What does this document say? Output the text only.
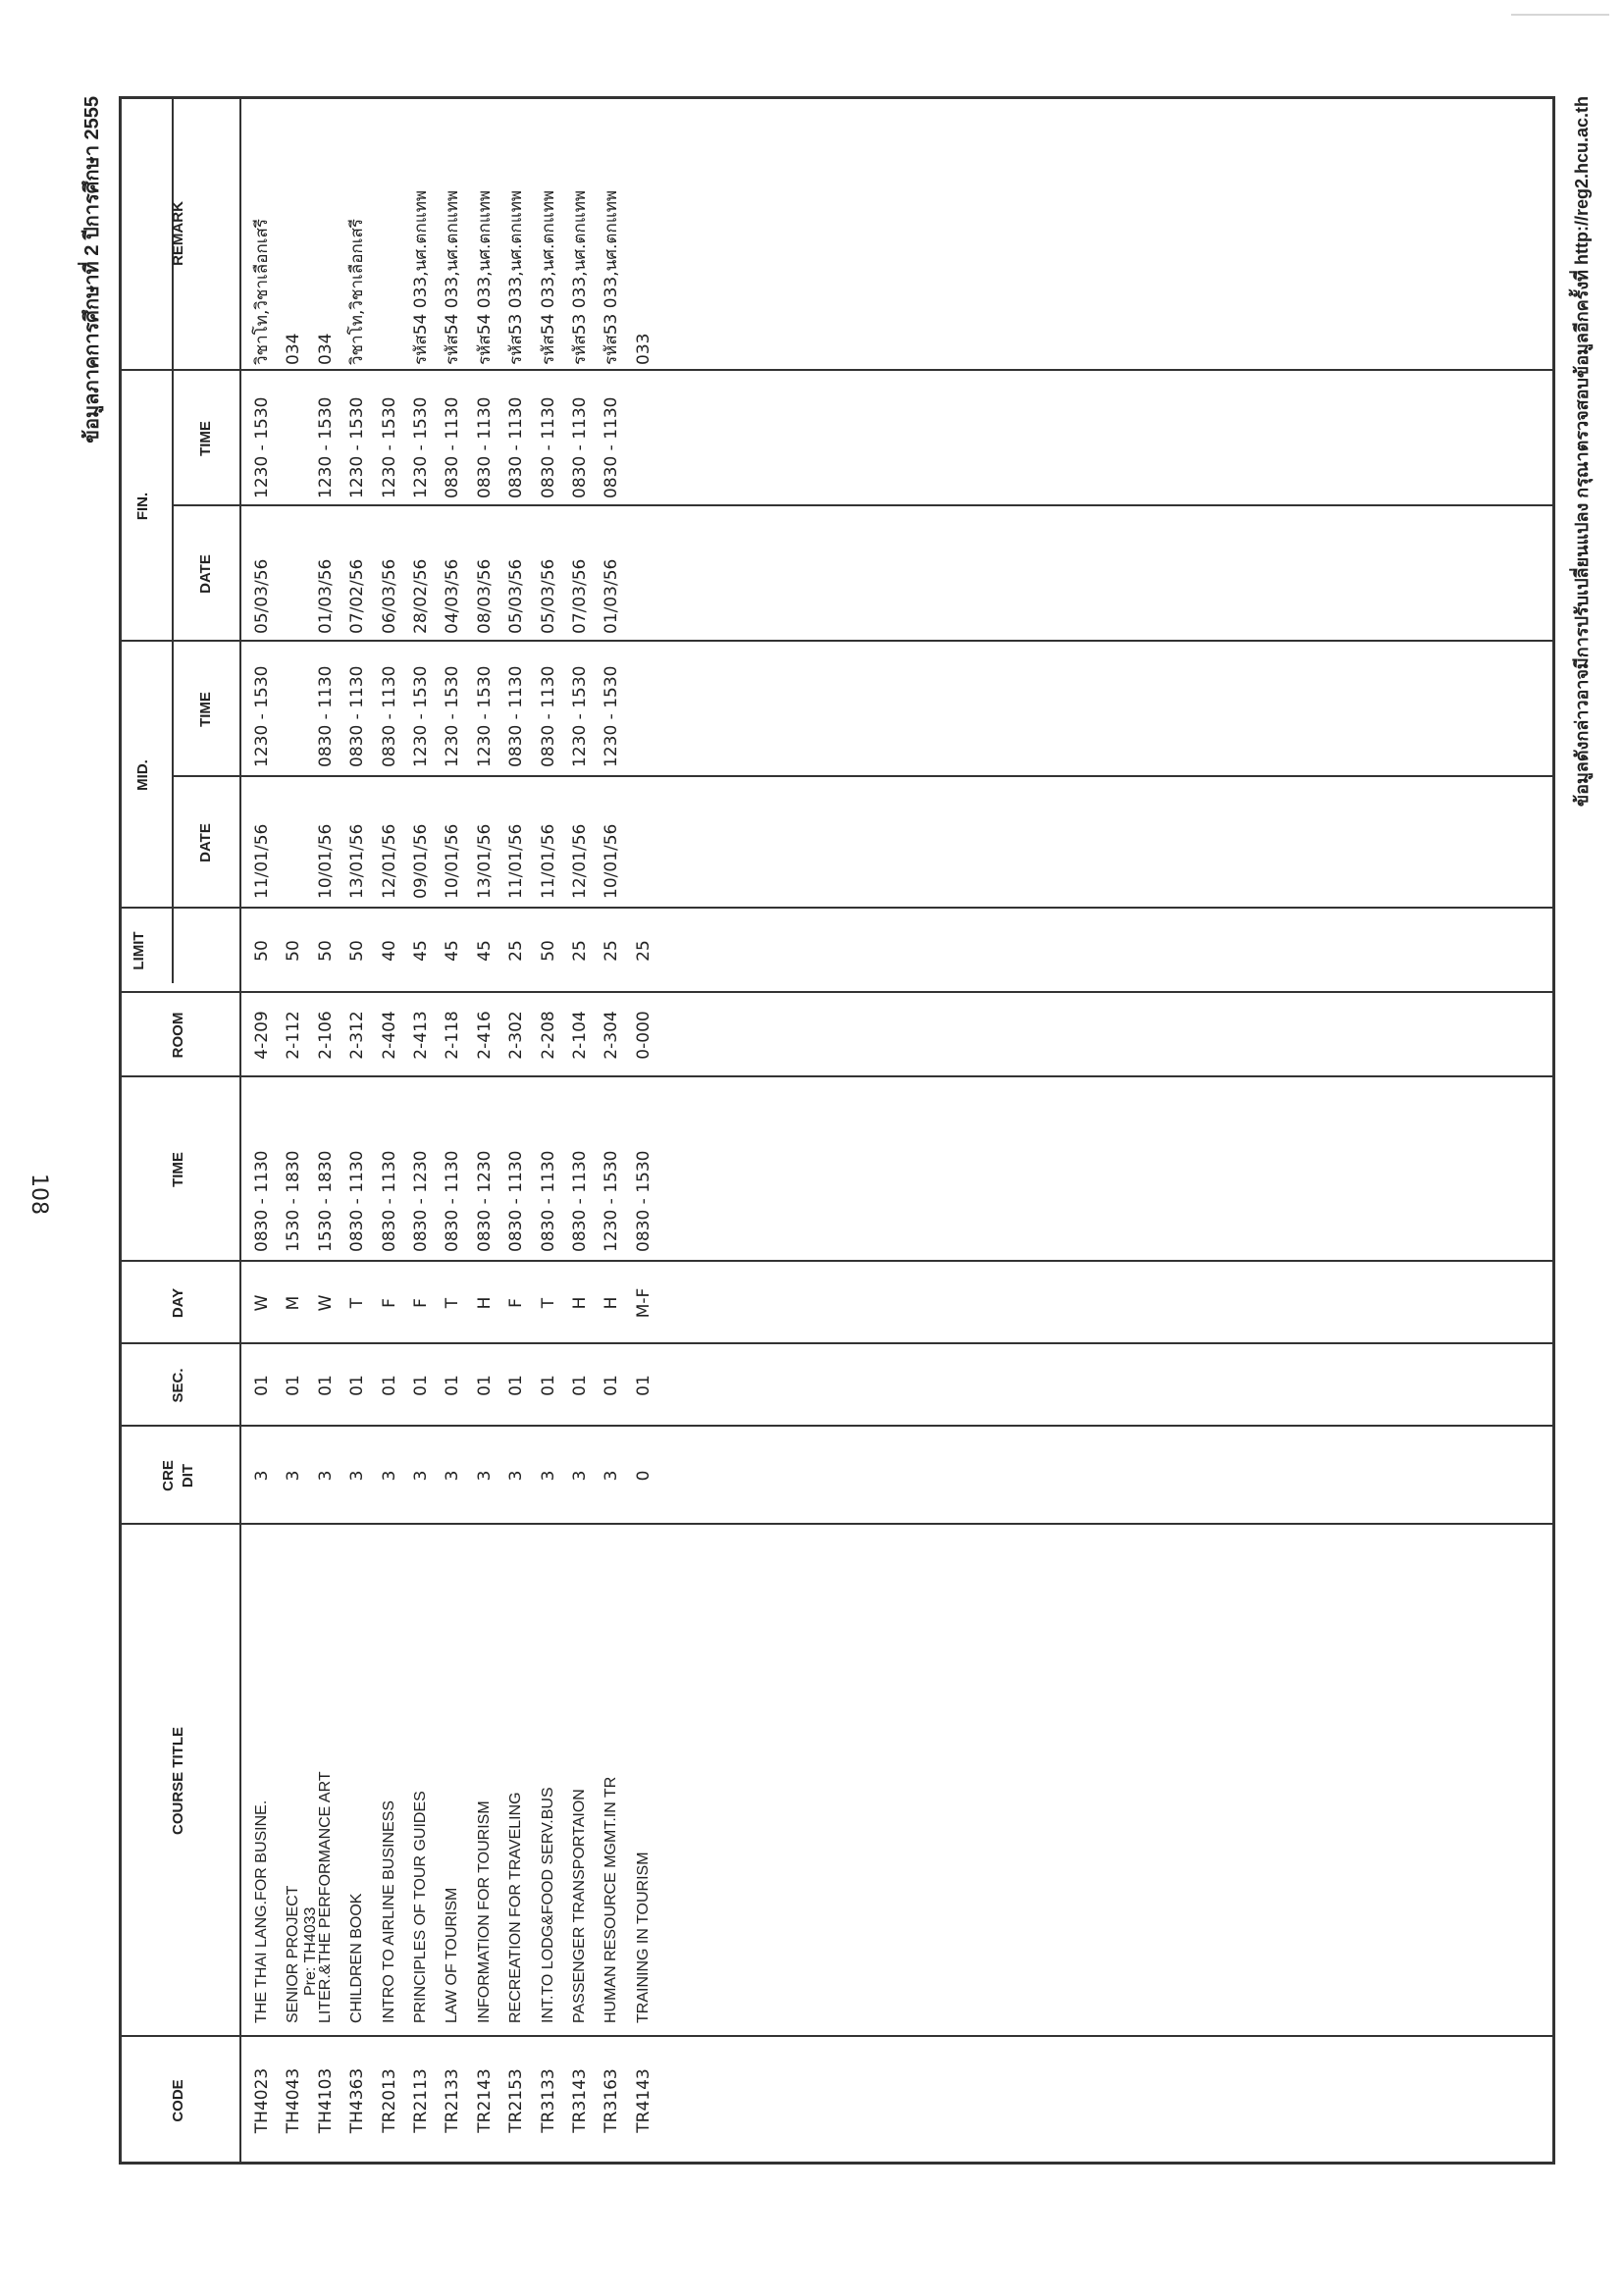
108
ข้อมูลภาคการศึกษาที่ 2 ปีการศึกษา 2555	ข้อมูลดังกล่าวอาจมีการปรับเปลี่ยนแปลง กรุณาตรวจสอบข้อมูลอีกครั้งที่ http://reg2.hcu.ac.th
CODE
COURSE TITLE
CRE DIT
SEC.
DAY
TIME
ROOM
LIMIT
MID.
FIN.
DATE
TIME
DATE
TIME
REMARK
TH4023
THE THAI LANG.FOR BUSINE.
3
01
W
0830 - 1130
4-209
50
11/01/56
1230 - 1530
05/03/56
1230 - 1530
วิชาโท,วิชาเลือกเสรี
TH4043
SENIOR PROJECT
3
01
M
1530 - 1830
2-112
50
034
Pre: TH4033
TH4103
LITER.&THE PERFORMANCE ART
3
01
W
1530 - 1830
2-106
50
10/01/56
0830 - 1130
01/03/56
1230 - 1530
034
TH4363
CHILDREN BOOK
3
01
T
0830 - 1130
2-312
50
13/01/56
0830 - 1130
07/02/56
1230 - 1530
วิชาโท,วิชาเลือกเสรี
TR2013
INTRO TO AIRLINE BUSINESS
3
01
F
0830 - 1130
2-404
40
12/01/56
0830 - 1130
06/03/56
1230 - 1530
TR2113
PRINCIPLES OF TOUR GUIDES
3
01
F
0830 - 1230
2-413
45
09/01/56
1230 - 1530
28/02/56
1230 - 1530
รหัส54 033,นศ.ตกแทพ
TR2133
LAW OF TOURISM
3
01
T
0830 - 1130
2-118
45
10/01/56
1230 - 1530
04/03/56
0830 - 1130
รหัส54 033,นศ.ตกแทพ
TR2143
INFORMATION FOR TOURISM
3
01
H
0830 - 1230
2-416
45
13/01/56
1230 - 1530
08/03/56
0830 - 1130
รหัส54 033,นศ.ตกแทพ
TR2153
RECREATION FOR TRAVELING
3
01
F
0830 - 1130
2-302
25
11/01/56
0830 - 1130
05/03/56
0830 - 1130
รหัส53 033,นศ.ตกแทพ
TR3133
INT.TO LODG&FOOD SERV.BUS
3
01
T
0830 - 1130
2-208
50
11/01/56
0830 - 1130
05/03/56
0830 - 1130
รหัส54 033,นศ.ตกแทพ
TR3143
PASSENGER TRANSPORTAION
3
01
H
0830 - 1130
2-104
25
12/01/56
1230 - 1530
07/03/56
0830 - 1130
รหัส53 033,นศ.ตกแทพ
TR3163
HUMAN RESOURCE MGMT.IN TR
3
01
H
1230 - 1530
2-304
25
10/01/56
1230 - 1530
01/03/56
0830 - 1130
รหัส53 033,นศ.ตกแทพ
TR4143
TRAINING IN TOURISM
0
01
M-F
0830 - 1530
0-000
25
033
